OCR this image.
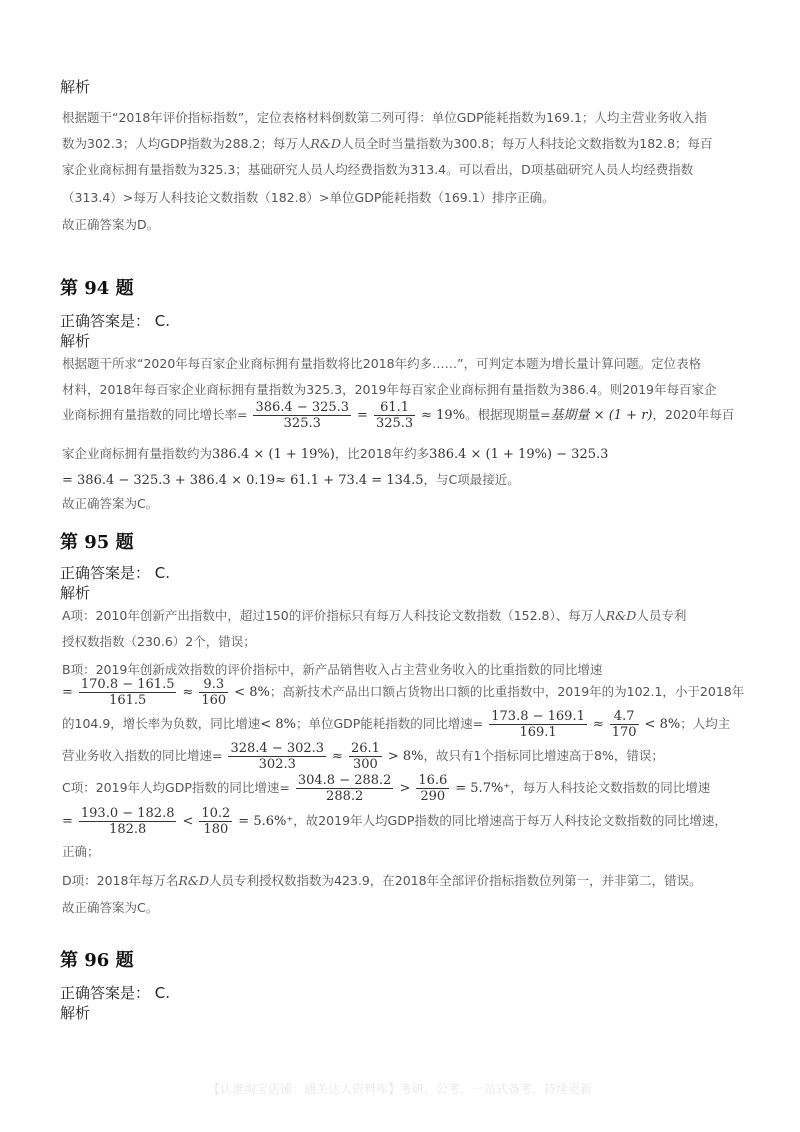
解析
根据题干“2018年评价指标指数”，定位表格材料倒数第二列可得：单位GDP能耗指数为169.1；人均主营业务收入指
数为302.3；人均GDP指数为288.2；每万人R&D人员全时当量指数为300.8；每万人科技论文数指数为182.8；每百
家企业商标拥有量指数为325.3；基础研究人员人均经费指数为313.4。可以看出，D项基础研究人员人均经费指数
（313.4）>每万人科技论文数指数（182.8）>单位GDP能耗指数（169.1）排序正确。
故正确答案为D。
第 94 题
正确答案是： C.
解析
根据题干所求“2020年每百家企业商标拥有量指数将比2018年约多……”，可判定本题为增长量计算问题。定位表格
材料，2018年每百家企业商标拥有量指数为325.3，2019年每百家企业商标拥有量指数为386.4。则2019年每百家企
业商标拥有量指数的同比增长率= $\frac{386.4 - 325.3}{325.3} = \frac{61.1}{325.3} \approx 19\%$。根据现期量=基期量 × (1 + r)，2020年每百
家企业商标拥有量指数约为386.4 × (1 + 19%)，比2018年约多386.4 × (1 + 19%) − 325.3
= 386.4 − 325.3 + 386.4 × 0.19≈ 61.1 + 73.4 = 134.5，与C项最接近。
故正确答案为C。
第 95 题
正确答案是： C.
解析
A项：2010年创新产出指数中，超过150的评价指标只有每万人科技论文数指数（152.8）、每万人R&D人员专利
授权数指数（230.6）2个，错误；
B项：2019年创新成效指数的评价指标中，新产品销售收入占主营业务收入的比重指数的同比增速
= $\frac{170.8 - 161.5}{161.5} \approx \frac{9.3}{160} < 8\%$；高新技术产品出口额占货物出口额的比重指数中，2019年的为102.1，小于2018年
的104.9，增长率为负数，同比增速< 8%；单位GDP能耗指数的同比增速= $\frac{173.8 - 169.1}{169.1} \approx \frac{4.7}{170} < 8\%$；人均主
营业务收入指数的同比增速= $\frac{328.4 - 302.3}{302.3} \approx \frac{26.1}{300} > 8\%$，故只有1个指标同比增速高于8%，错误；
C项：2019年人均GDP指数的同比增速= $\frac{304.8 - 288.2}{288.2} > \frac{16.6}{290} = 5.7\%^+$，每万人科技论文数指数的同比增速
= $\frac{193.0 - 182.8}{182.8} < \frac{10.2}{180} = 5.6\%^+$，故2019年人均GDP指数的同比增速高于每万人科技论文数指数的同比增速，
正确；
D项：2018年每万名R&D人员专利授权数指数为423.9，在2018年全部评价指标指数位列第一，并非第二，错误。
故正确答案为C。
第 96 题
正确答案是： C.
解析
【认准淘宝店铺：通关达人资料库】考研，公考，一站式备考，持续更新
